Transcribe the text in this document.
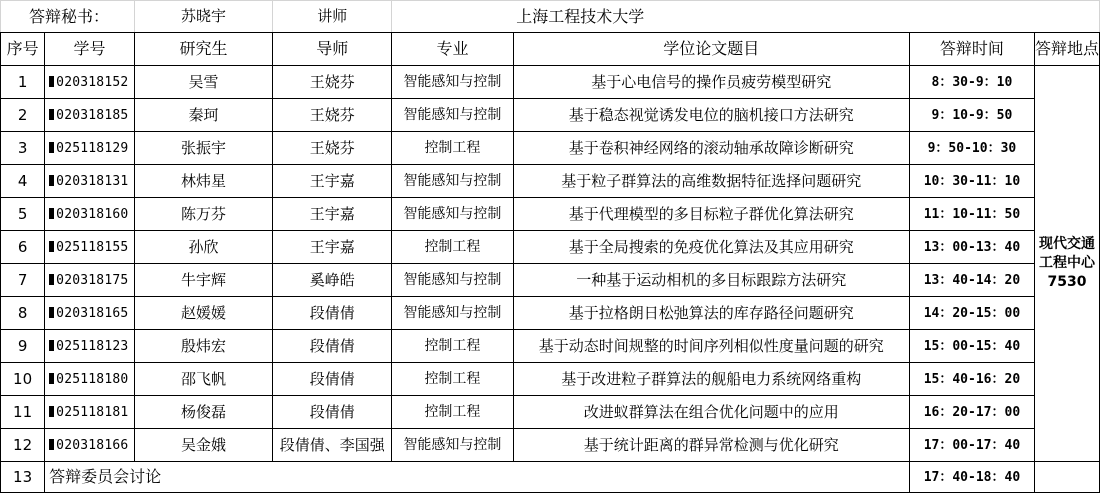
答辩秘书：		苏晓宇	讲师	上海工程技术大学			
序号	学号	研究生	导师	专业	学位论文题目	答辩时间	答辩地点
1	020318152	吴雪	王娆芬	智能感知与控制	基于心电信号的操作员疲劳模型研究	8：30-9：10	现代交通工程中心 7530
2	020318185	秦珂	王娆芬	智能感知与控制	基于稳态视觉诱发电位的脑机接口方法研究	9：10-9：50	
3	025118129	张振宇	王娆芬	控制工程	基于卷积神经网络的滚动轴承故障诊断研究	9：50-10：30	
4	020318131	林炜星	王宇嘉	智能感知与控制	基于粒子群算法的高维数据特征选择问题研究	10：30-11：10	
5	020318160	陈万芬	王宇嘉	智能感知与控制	基于代理模型的多目标粒子群优化算法研究	11：10-11：50	
6	025118155	孙欣	王宇嘉	控制工程	基于全局搜索的免疫优化算法及其应用研究	13：00-13：40	
7	020318175	牛宇辉	奚峥皓	智能感知与控制	一种基于运动相机的多目标跟踪方法研究	13：40-14：20	
8	020318165	赵媛媛	段倩倩	智能感知与控制	基于拉格朗日松弛算法的库存路径问题研究	14：20-15：00	
9	025118123	殷炜宏	段倩倩	控制工程	基于动态时间规整的时间序列相似性度量问题的研究	15：00-15：40	
10	025118180	邵飞帆	段倩倩	控制工程	基于改进粒子群算法的舰船电力系统网络重构	15：40-16：20	
11	025118181	杨俊磊	段倩倩	控制工程	改进蚁群算法在组合优化问题中的应用	16：20-17：00	
12	020318166	吴金娥	段倩倩、李国强	智能感知与控制	基于统计距离的群异常检测与优化研究	17：00-17：40	
13	答辩委员会讨论					17：40-18：40	
